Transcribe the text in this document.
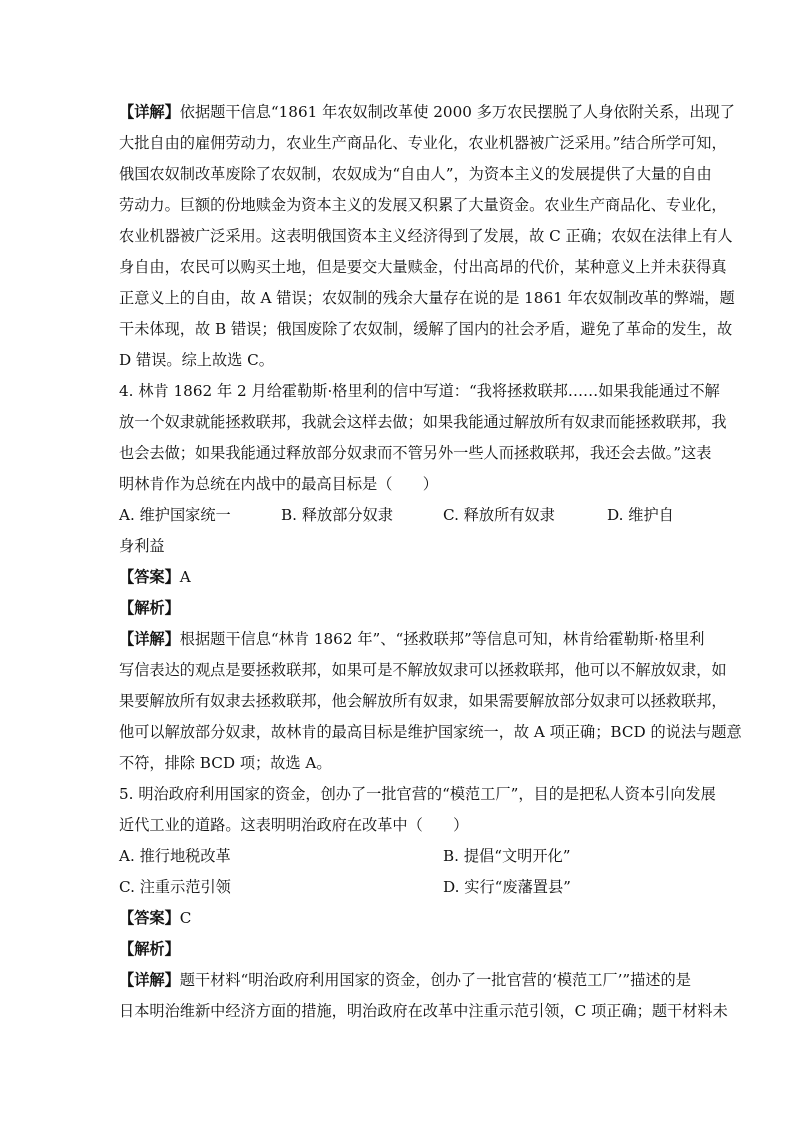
【详解】依据题干信息“1861 年农奴制改革使 2000 多万农民摆脱了人身依附关系，出现了
大批自由的雇佣劳动力，农业生产商品化、专业化，农业机器被广泛采用。”结合所学可知，
俄国农奴制改革废除了农奴制，农奴成为“自由人”，为资本主义的发展提供了大量的自由
劳动力。巨额的份地赎金为资本主义的发展又积累了大量资金。农业生产商品化、专业化，
农业机器被广泛采用。这表明俄国资本主义经济得到了发展，故 C 正确；农奴在法律上有人
身自由，农民可以购买土地，但是要交大量赎金，付出高昂的代价，某种意义上并未获得真
正意义上的自由，故 A 错误；农奴制的残余大量存在说的是 1861 年农奴制改革的弊端，题
干未体现，故 B 错误；俄国废除了农奴制，缓解了国内的社会矛盾，避免了革命的发生，故
D 错误。综上故选 C。
4. 林肯 1862 年 2 月给霍勒斯·格里利的信中写道：“我将拯救联邦……如果我能通过不解
放一个奴隶就能拯救联邦，我就会这样去做；如果我能通过解放所有奴隶而能拯救联邦，我
也会去做；如果我能通过释放部分奴隶而不管另外一些人而拯救联邦，我还会去做。”这表
明林肯作为总统在内战中的最高目标是（　　）
A. 维护国家统一	B. 释放部分奴隶	C. 释放所有奴隶	D. 维护自
身利益
【答案】A
【解析】
【详解】根据题干信息“林肯 1862 年”、“拯救联邦”等信息可知，林肯给霍勒斯·格里利
写信表达的观点是要拯救联邦，如果可是不解放奴隶可以拯救联邦，他可以不解放奴隶，如
果要解放所有奴隶去拯救联邦，他会解放所有奴隶，如果需要解放部分奴隶可以拯救联邦，
他可以解放部分奴隶，故林肯的最高目标是维护国家统一，故 A 项正确；BCD 的说法与题意
不符，排除 BCD 项；故选 A。
5. 明治政府利用国家的资金，创办了一批官营的“模范工厂”，目的是把私人资本引向发展
近代工业的道路。这表明明治政府在改革中（　　）
A. 推行地税改革	B. 提倡“文明开化”
C. 注重示范引领	D. 实行“废藩置县”
【答案】C
【解析】
【详解】题干材料“明治政府利用国家的资金，创办了一批官营的‘模范工厂’”描述的是
日本明治维新中经济方面的措施，明治政府在改革中注重示范引领，C 项正确；题干材料未
